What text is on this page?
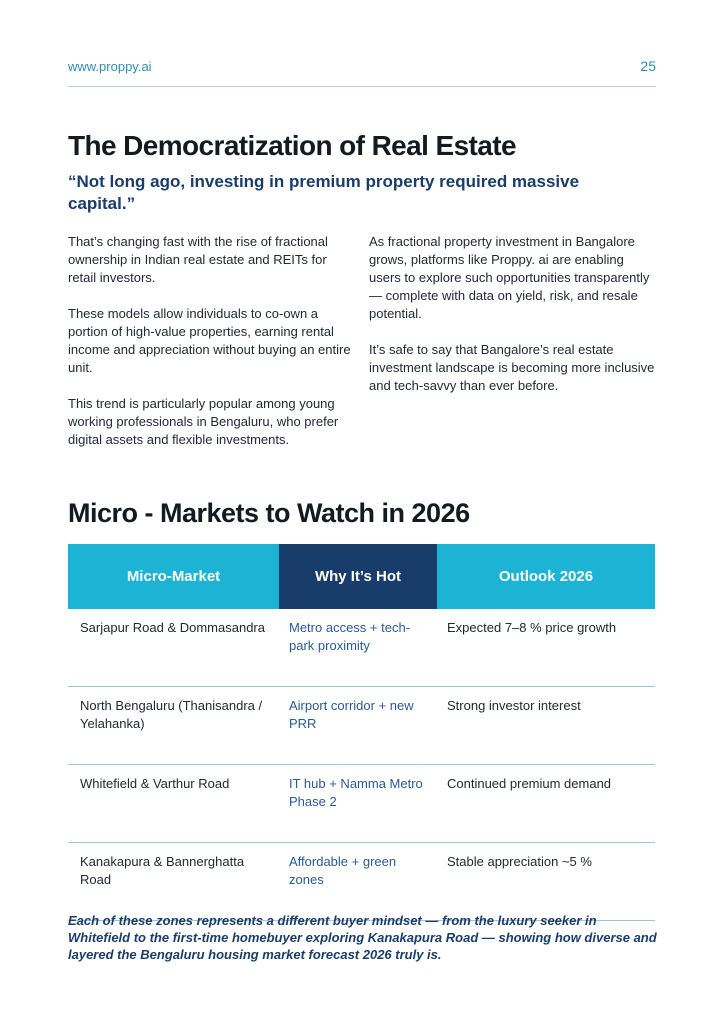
www.proppy.ai	25
The Democratization of Real Estate

“Not long ago, investing in premium property required massive capital.”

That’s changing fast with the rise of fractional ownership in Indian real estate and REITs for retail investors.

These models allow individuals to co-own a portion of high-value properties, earning rental income and appreciation without buying an entire unit.

This trend is particularly popular among young working professionals in Bengaluru, who prefer digital assets and flexible investments.

As fractional property investment in Bangalore grows, platforms like Proppy. ai are enabling users to explore such opportunities transparently — complete with data on yield, risk, and resale potential.

It’s safe to say that Bangalore’s real estate investment landscape is becoming more inclusive and tech-savvy than ever before.

Micro - Markets to Watch in 2026
Micro-Market	Why It’s Hot	Outlook 2026
Sarjapur Road & Dommasandra	Metro access + tech-park proximity	Expected 7–8 % price growth
North Bengaluru (Thanisandra / Yelahanka)	Airport corridor + new PRR	Strong investor interest
Whitefield & Varthur Road	IT hub + Namma Metro Phase 2	Continued premium demand
Kanakapura & Bannerghatta Road	Affordable + green zones	Stable appreciation ~5 %

Each of these zones represents a different buyer mindset — from the luxury seeker in Whitefield to the first-time homebuyer exploring Kanakapura Road — showing how diverse and layered the Bengaluru housing market forecast 2026 truly is.
